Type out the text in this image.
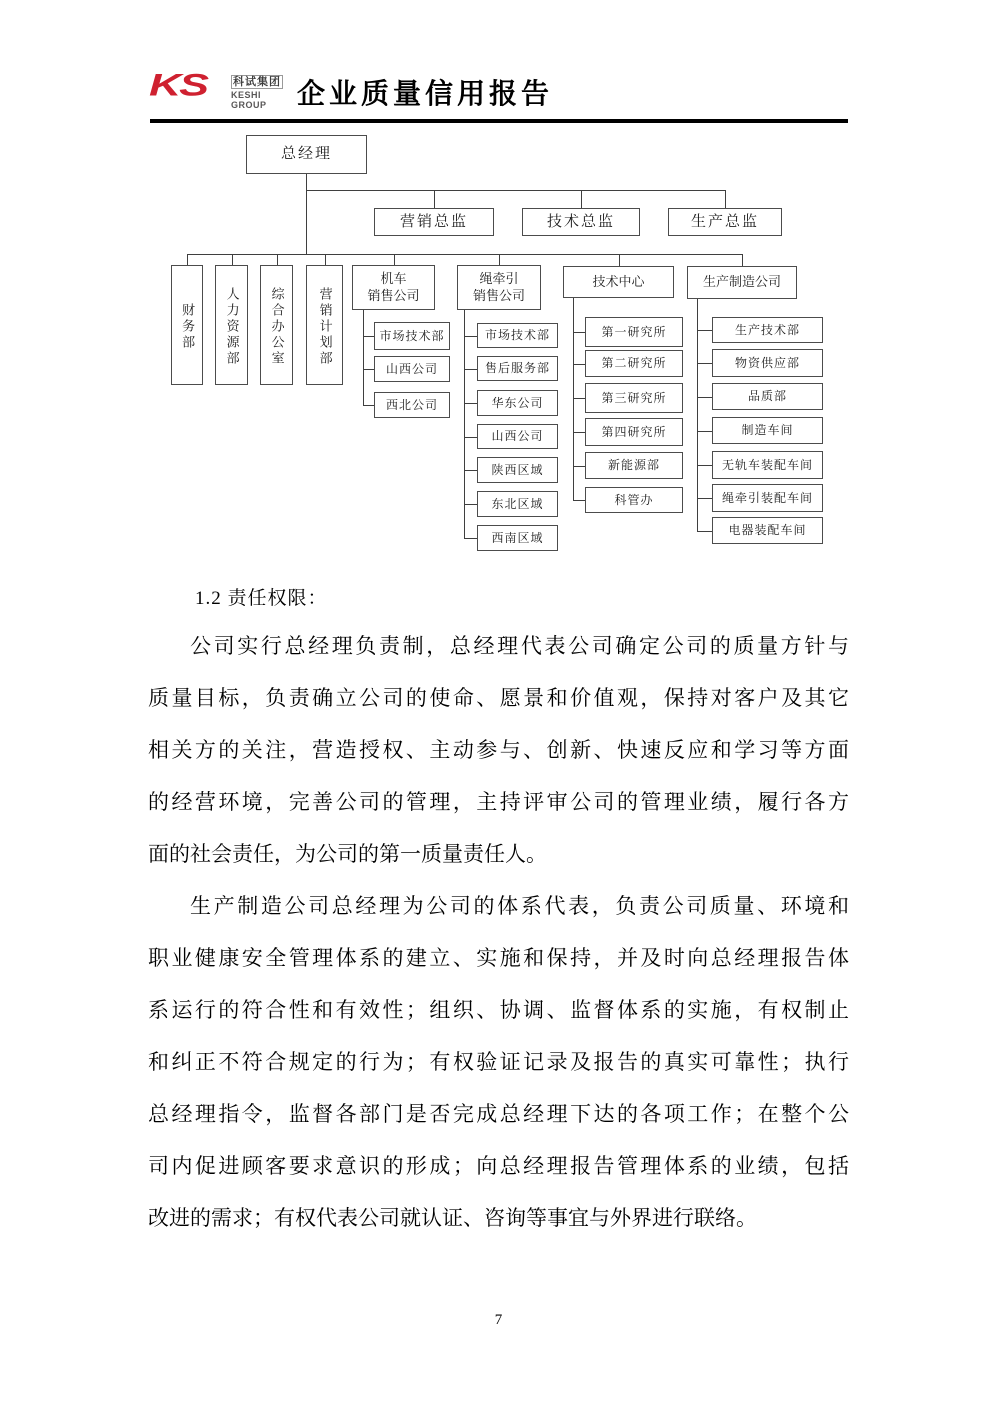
KS 科试集团
KESHI
GROUP 企业质量信用报告
总经理
营销总监	技术总监	生产总监
财务部	人力资源部	综合办公室	营销计划部
机车
销售公司
市场技术部
山西公司
西北公司
绳牵引
销售公司
市场技术部
售后服务部
华东公司
山西公司
陕西区域
东北区域
西南区域
技术中心
第一研究所
第二研究所
第三研究所
第四研究所
新能源部
科管办
生产制造公司
生产技术部
物资供应部
品质部
制造车间
无轨车装配车间
绳牵引装配车间
电器装配车间
1.2 责任权限：
公司实行总经理负责制，总经理代表公司确定公司的质量方针与
质量目标，负责确立公司的使命、愿景和价值观，保持对客户及其它
相关方的关注，营造授权、主动参与、创新、快速反应和学习等方面
的经营环境，完善公司的管理，主持评审公司的管理业绩，履行各方
面的社会责任，为公司的第一质量责任人。
生产制造公司总经理为公司的体系代表，负责公司质量、环境和
职业健康安全管理体系的建立、实施和保持，并及时向总经理报告体
系运行的符合性和有效性；组织、协调、监督体系的实施，有权制止
和纠正不符合规定的行为；有权验证记录及报告的真实可靠性；执行
总经理指令，监督各部门是否完成总经理下达的各项工作；在整个公
司内促进顾客要求意识的形成；向总经理报告管理体系的业绩，包括
改进的需求；有权代表公司就认证、咨询等事宜与外界进行联络。
7
